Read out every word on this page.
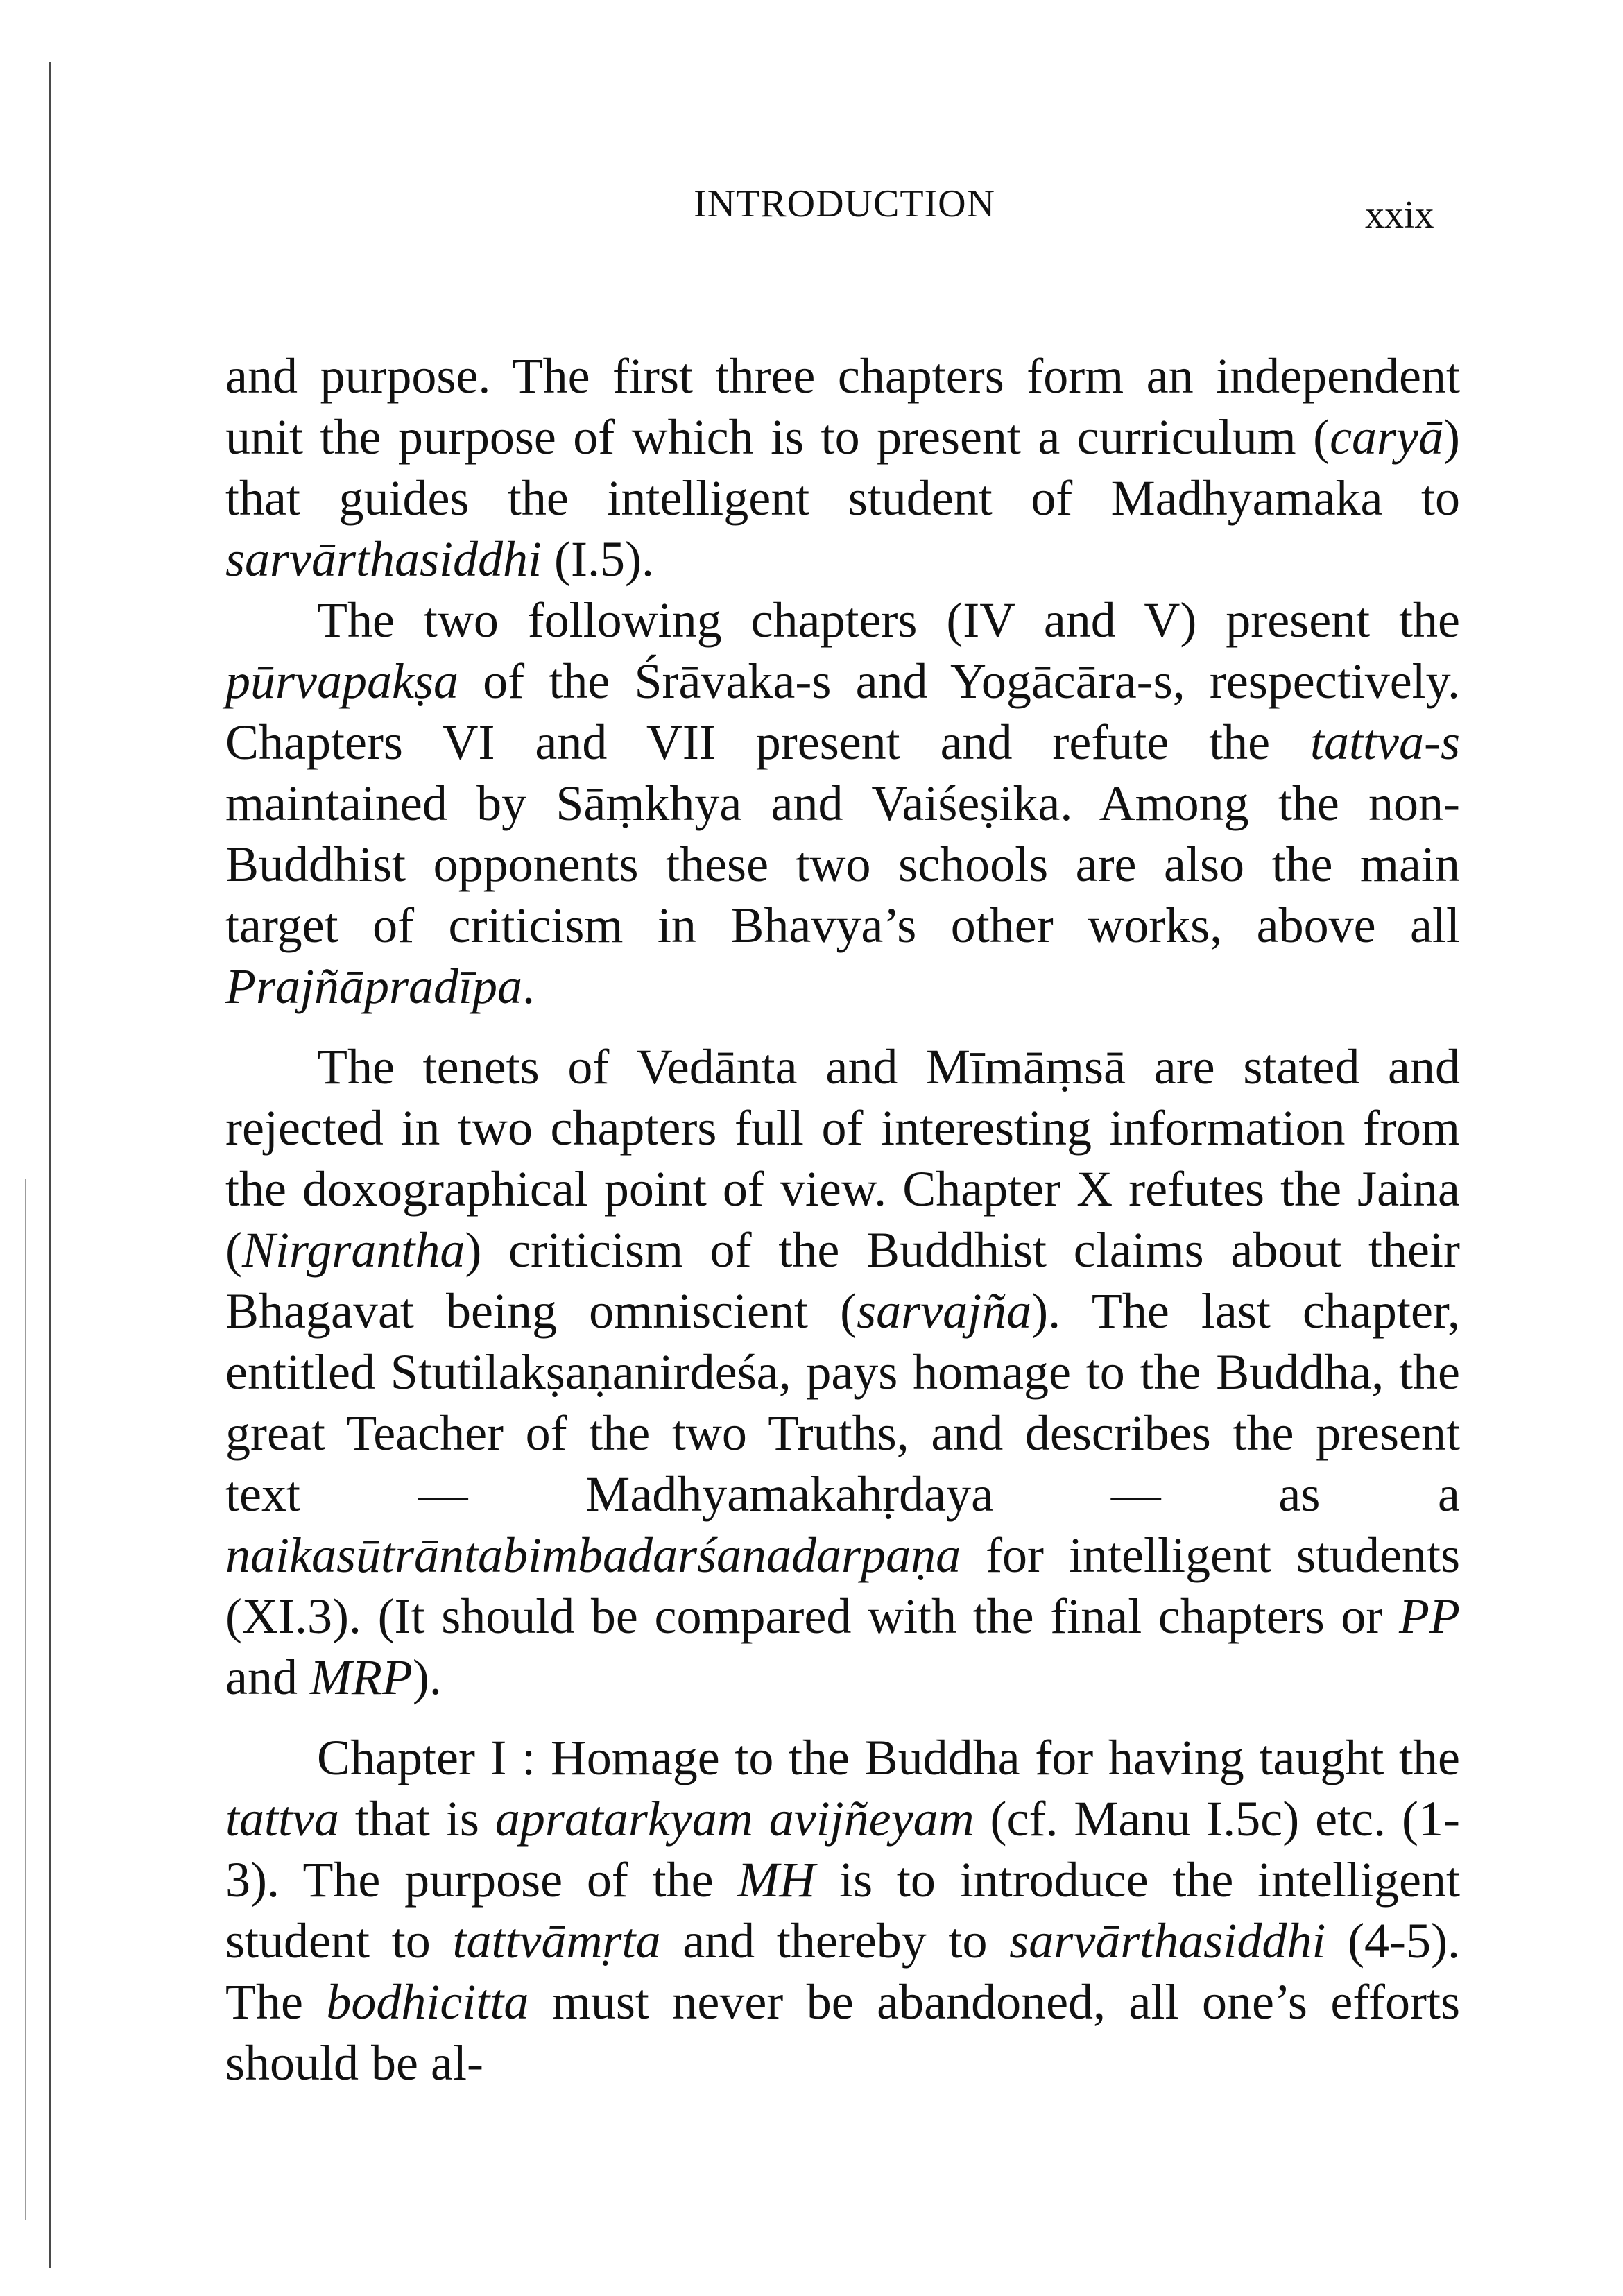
INTRODUCTION	xxix

and purpose. The first three chapters form an independent unit the purpose of which is to present a curriculum (caryā) that guides the intelligent student of Madhyamaka to sarvārthasiddhi (I.5).

The two following chapters (IV and V) present the pūrvapakṣa of the Śrāvaka-s and Yogācāra-s, respectively. Chapters VI and VII present and refute the tattva-s maintained by Sāṃkhya and Vaiśeṣika. Among the non-Buddhist opponents these two schools are also the main target of criticism in Bhavya’s other works, above all Prajñāpradīpa.

The tenets of Vedānta and Mīmāṃsā are stated and rejected in two chapters full of interesting information from the doxographical point of view. Chapter X refutes the Jaina (Nirgrantha) criticism of the Buddhist claims about their Bhagavat being omniscient (sarvajña). The last chapter, entitled Stutilakṣaṇanirdeśa, pays homage to the Buddha, the great Teacher of the two Truths, and describes the present text — Madhyamakahṛdaya — as a naikasūtrāntabimbadarśanadarpaṇa for intelligent students (XI.3). (It should be compared with the final chapters or PP and MRP).

Chapter I : Homage to the Buddha for having taught the tattva that is apratarkyam avijñeyam (cf. Manu I.5c) etc. (1-3). The purpose of the MH is to introduce the intelligent student to tattvāmṛta and thereby to sarvārthasiddhi (4-5). The bodhicitta must never be abandoned, all one’s efforts should be al-
